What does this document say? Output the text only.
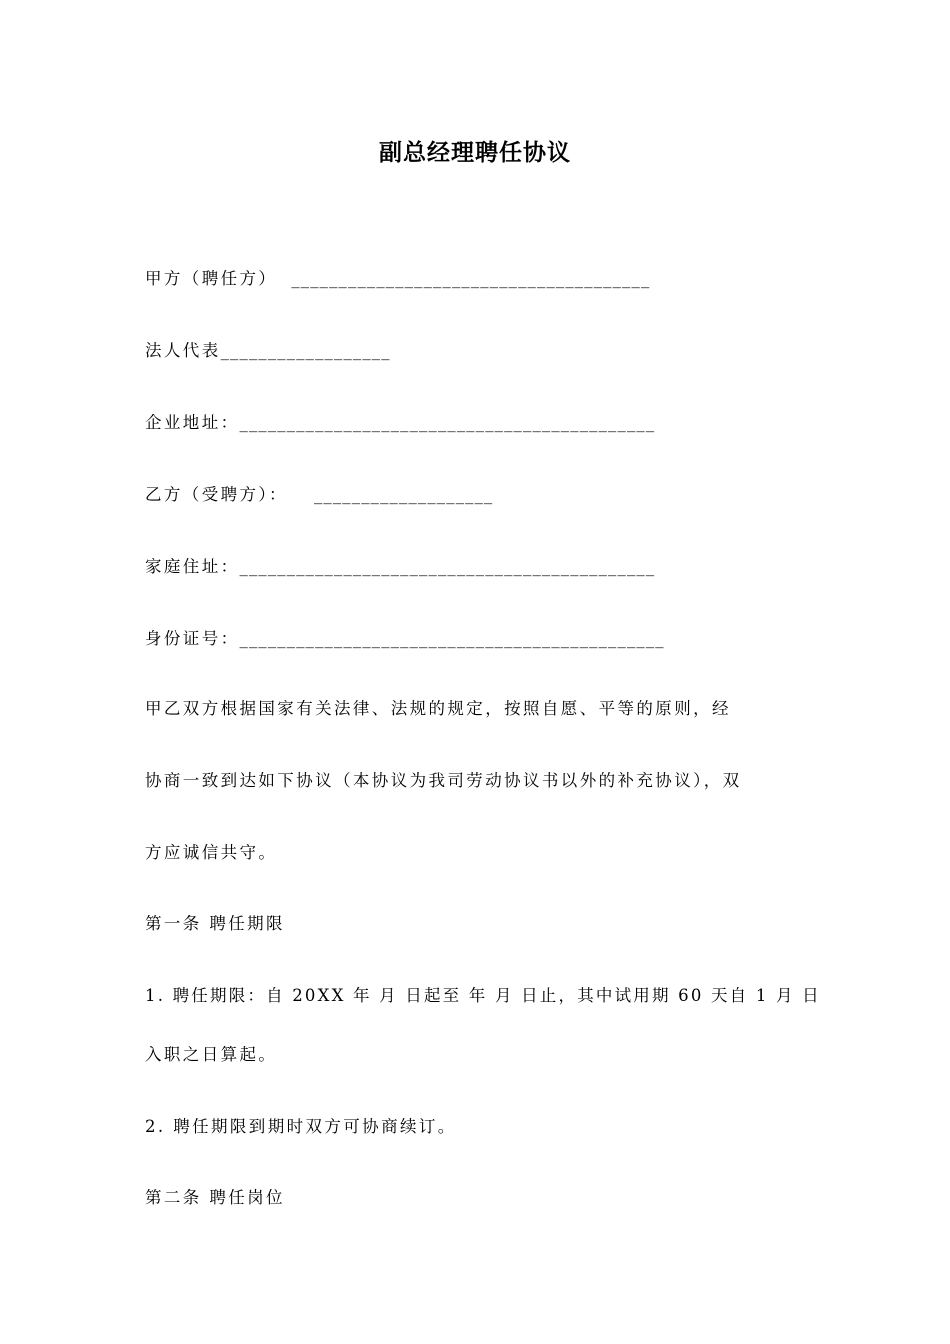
副总经理聘任协议
甲方（聘任方） ______________________________________
法人代表__________________
企业地址：____________________________________________
乙方（受聘方）： ___________________
家庭住址：____________________________________________
身份证号：_____________________________________________
甲乙双方根据国家有关法律、法规的规定，按照自愿、平等的原则，经
协商一致到达如下协议（本协议为我司劳动协议书以外的补充协议），双
方应诚信共守。
第一条 聘任期限
1. 聘任期限：自 20XX 年 月 日起至 年 月 日止，其中试用期 60 天自 1 月 日
入职之日算起。
2. 聘任期限到期时双方可协商续订。
第二条 聘任岗位
